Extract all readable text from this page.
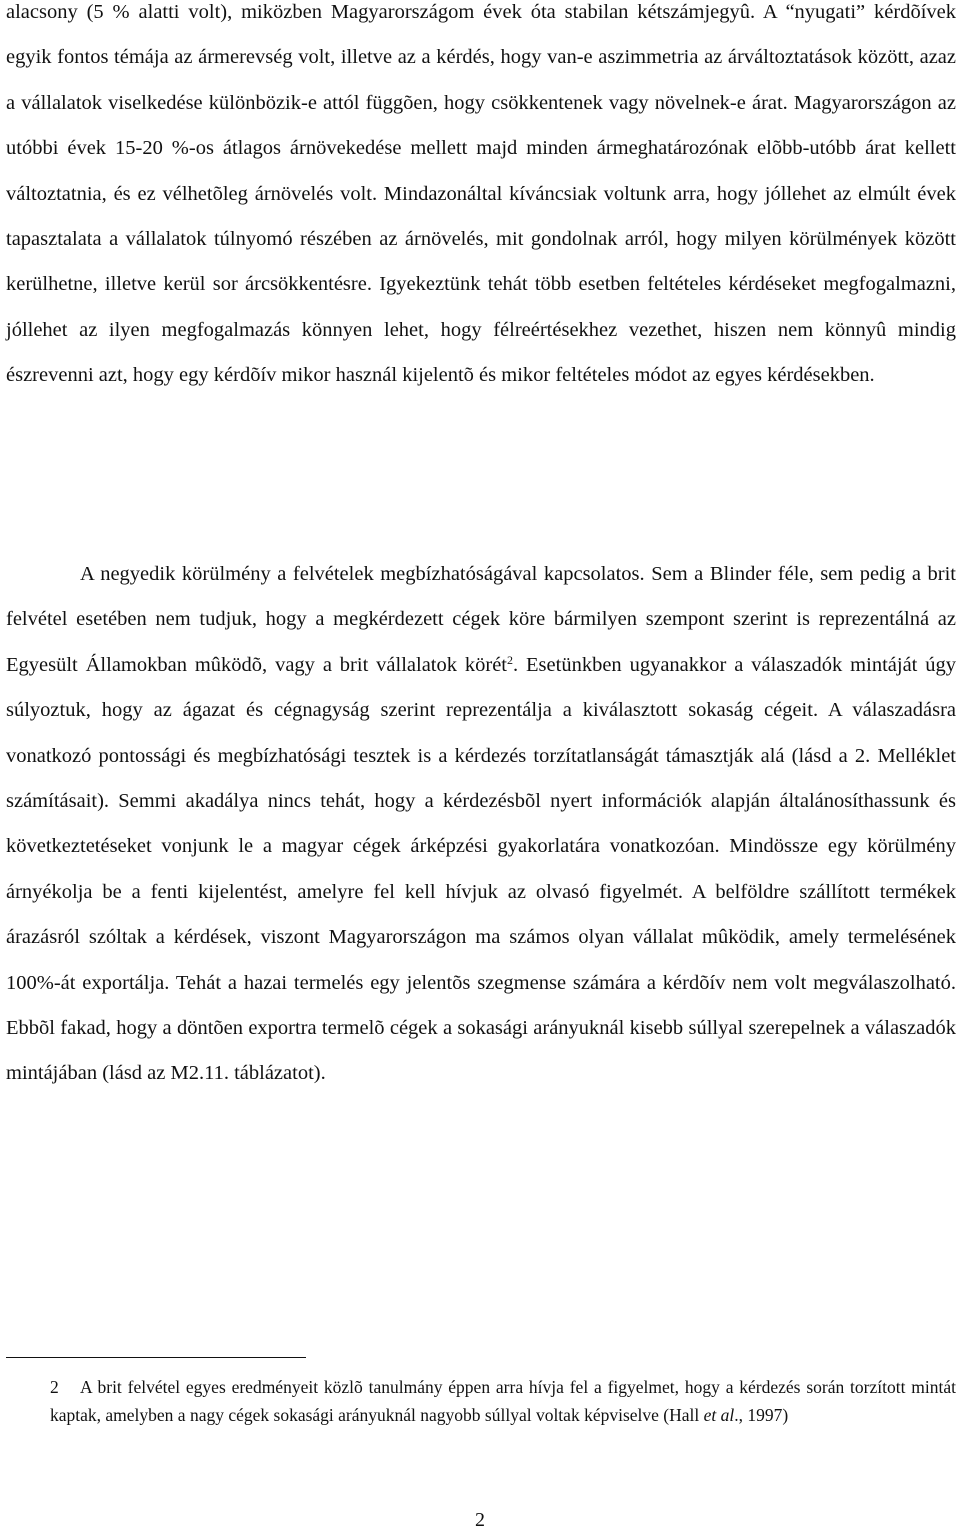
alacsony (5 % alatti volt), miközben Magyarországom évek óta stabilan kétszámjegyû. A “nyugati” kérdõívek egyik fontos témája az ármerevség volt, illetve az a kérdés, hogy van-e aszimmetria az árváltoztatások között, azaz a vállalatok viselkedése különbözik-e attól függõen, hogy csökkentenek vagy növelnek-e árat. Magyarországon az utóbbi évek 15-20 %-os átlagos árnövekedése mellett majd minden ármeghatározónak elõbb-utóbb árat kellett változtatnia, és ez vélhetõleg árnövelés volt. Mindazonáltal kíváncsiak voltunk arra, hogy jóllehet az elmúlt évek tapasztalata a vállalatok túlnyomó részében az árnövelés, mit gondolnak arról, hogy milyen körülmények között kerülhetne, illetve kerül sor árcsökkentésre. Igyekeztünk tehát több esetben feltételes kérdéseket megfogalmazni, jóllehet az ilyen megfogalmazás könnyen lehet, hogy félreértésekhez vezethet, hiszen nem könnyû mindig észrevenni azt, hogy egy kérdõív mikor használ kijelentõ és mikor feltételes módot az egyes kérdésekben.

A negyedik körülmény a felvételek megbízhatóságával kapcsolatos. Sem a Blinder féle, sem pedig a brit felvétel esetében nem tudjuk, hogy a megkérdezett cégek köre bármilyen szempont szerint is reprezentálná az Egyesült Államokban mûködõ, vagy a brit vállalatok körét$^2$. Esetünkben ugyanakkor a válaszadók mintáját úgy súlyoztuk, hogy az ágazat és cégnagyság szerint reprezentálja a kiválasztott sokaság cégeit. A válaszadásra vonatkozó pontossági és megbízhatósági tesztek is a kérdezés torzítatlanságát támasztják alá (lásd a 2. Melléklet számításait). Semmi akadálya nincs tehát, hogy a kérdezésbõl nyert információk alapján általánosíthassunk és következtetéseket vonjunk le a magyar cégek árképzési gyakorlatára vonatkozóan. Mindössze egy körülmény árnyékolja be a fenti kijelentést, amelyre fel kell hívjuk az olvasó figyelmét. A belföldre szállított termékek árazásról szóltak a kérdések, viszont Magyarországon ma számos olyan vállalat mûködik, amely termelésének 100%-át exportálja. Tehát a hazai termelés egy jelentõs szegmense számára a kérdõív nem volt megválaszolható. Ebbõl fakad, hogy a döntõen exportra termelõ cégek a sokasági arányuknál kisebb súllyal szerepelnek a válaszadók mintájában (lásd az M2.11. táblázatot).

2 A brit felvétel egyes eredményeit közlõ tanulmány éppen arra hívja fel a figyelmet, hogy a kérdezés során torzított mintát kaptak, amelyben a nagy cégek sokasági arányuknál nagyobb súllyal voltak képviselve (Hall et al., 1997)

2
